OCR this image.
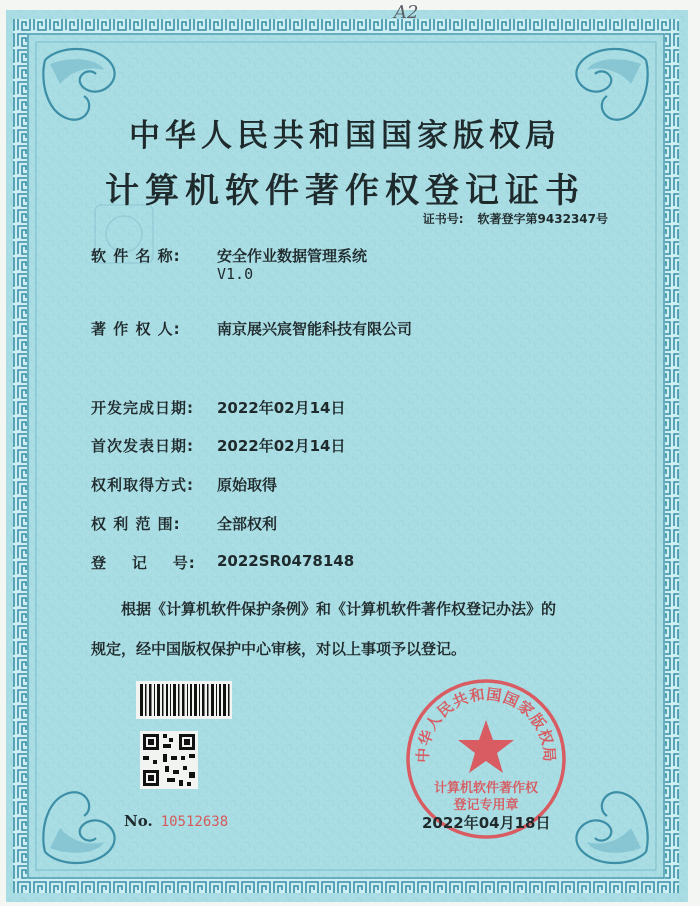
A2
中华人民共和国国家版权局
计算机软件著作权登记证书
证书号: 软著登字第9432347号
软 件 名 称: 安全作业数据管理系统
V1.0
著 作 权 人: 南京展兴宸智能科技有限公司
开发完成日期: 2022年02月14日
首次发表日期: 2022年02月14日
权利取得方式: 原始取得
权 利 范 围: 全部权利
登    记    号: 2022SR0478148
根据《计算机软件保护条例》和《计算机软件著作权登记办法》的
规定，经中国版权保护中心审核，对以上事项予以登记。
No. 10512638
中华人民共和国国家版权局
计算机软件著作权
登记专用章
2022年04月18日
